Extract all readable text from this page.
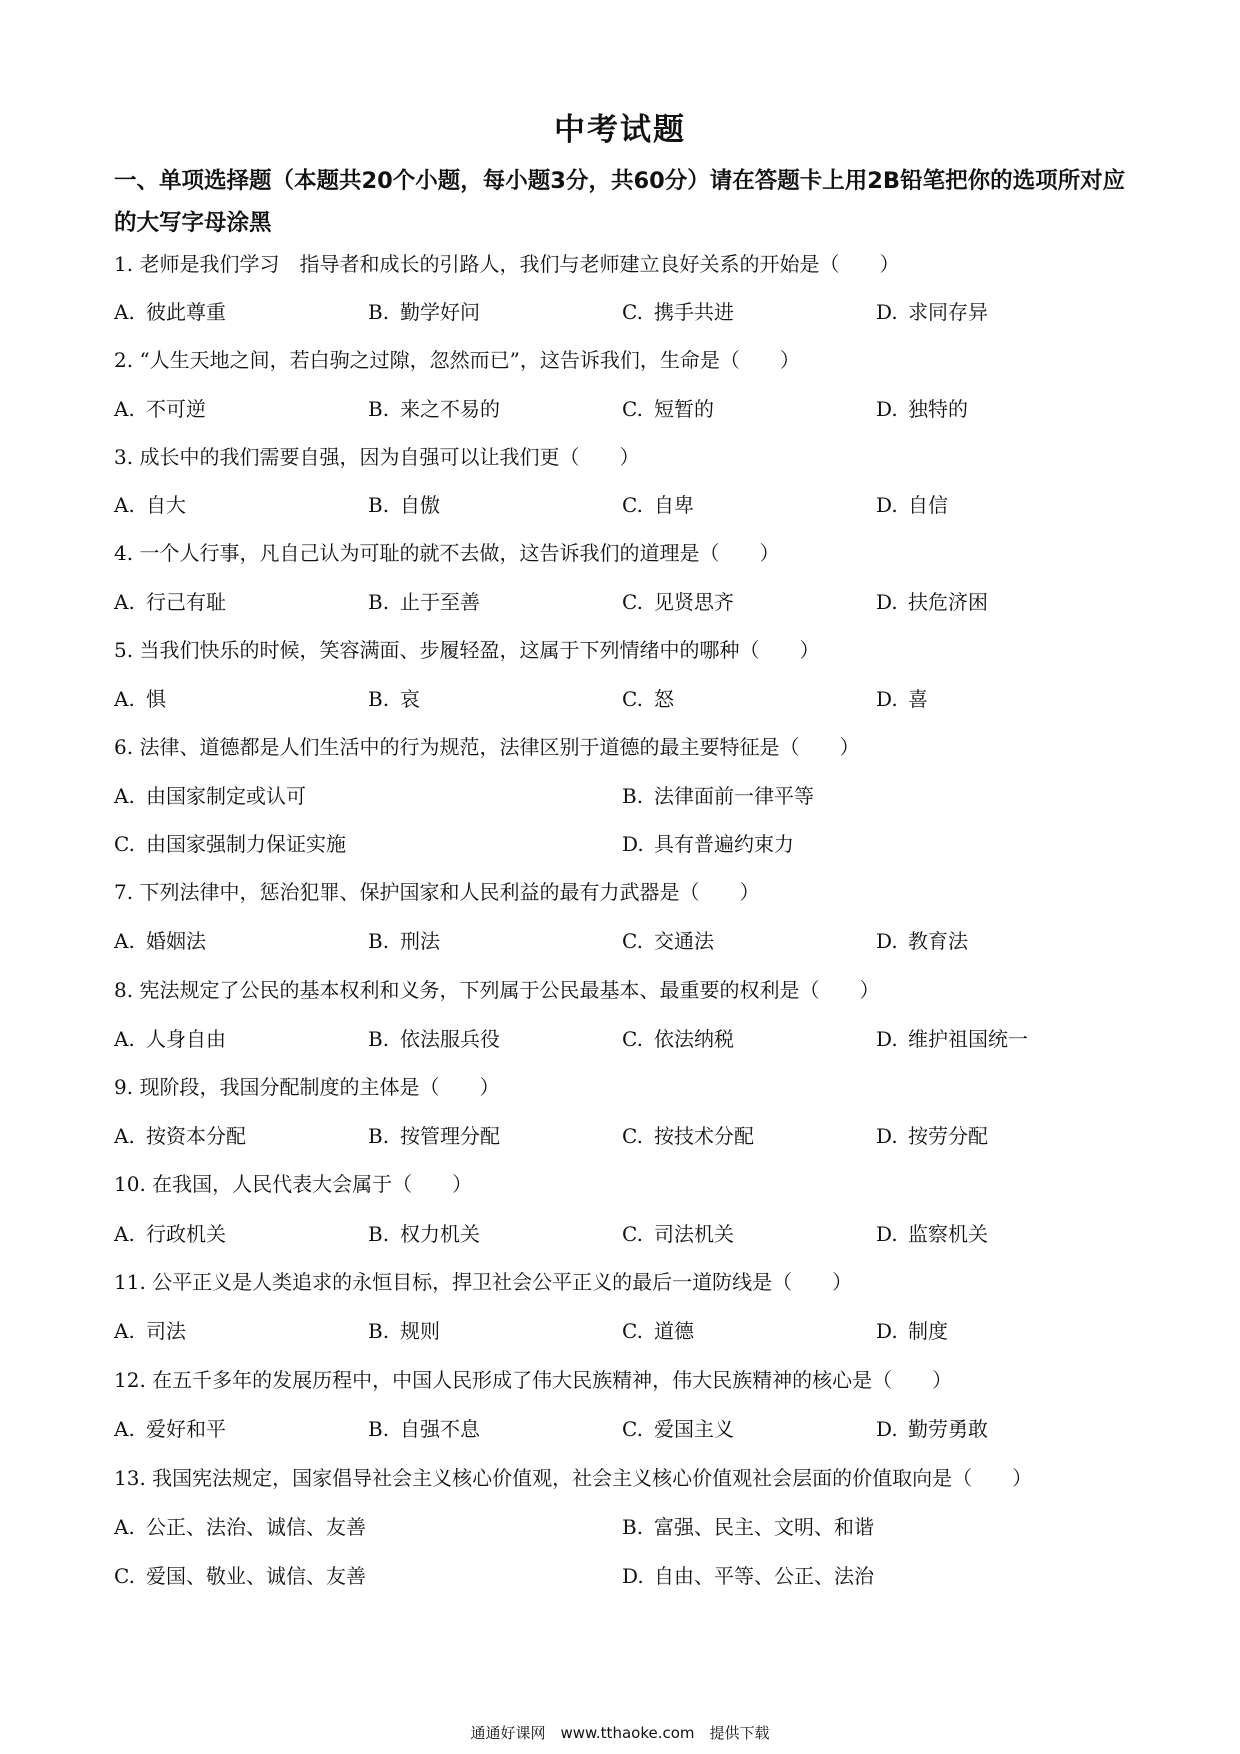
中考试题
一、单项选择题（本题共20个小题，每小题3分，共60分）请在答题卡上用2B铅笔把你的选项所对应的大写字母涂黑
1. 老师是我们学习　指导者和成长的引路人，我们与老师建立良好关系的开始是（　　）
A. 彼此尊重	B. 勤学好问	C. 携手共进	D. 求同存异
2. “人生天地之间，若白驹之过隙，忽然而已”，这告诉我们，生命是（　　）
A. 不可逆	B. 来之不易的	C. 短暂的	D. 独特的
3. 成长中的我们需要自强，因为自强可以让我们更（　　）
A. 自大	B. 自傲	C. 自卑	D. 自信
4. 一个人行事，凡自己认为可耻的就不去做，这告诉我们的道理是（　　）
A. 行己有耻	B. 止于至善	C. 见贤思齐	D. 扶危济困
5. 当我们快乐的时候，笑容满面、步履轻盈，这属于下列情绪中的哪种（　　）
A. 惧	B. 哀	C. 怒	D. 喜
6. 法律、道德都是人们生活中的行为规范，法律区别于道德的最主要特征是（　　）
A. 由国家制定或认可	B. 法律面前一律平等
C. 由国家强制力保证实施	D. 具有普遍约束力
7. 下列法律中，惩治犯罪、保护国家和人民利益的最有力武器是（　　）
A. 婚姻法	B. 刑法	C. 交通法	D. 教育法
8. 宪法规定了公民的基本权利和义务，下列属于公民最基本、最重要的权利是（　　）
A. 人身自由	B. 依法服兵役	C. 依法纳税	D. 维护祖国统一
9. 现阶段，我国分配制度的主体是（　　）
A. 按资本分配	B. 按管理分配	C. 按技术分配	D. 按劳分配
10. 在我国，人民代表大会属于（　　）
A. 行政机关	B. 权力机关	C. 司法机关	D. 监察机关
11. 公平正义是人类追求的永恒目标，捍卫社会公平正义的最后一道防线是（　　）
A. 司法	B. 规则	C. 道德	D. 制度
12. 在五千多年的发展历程中，中国人民形成了伟大民族精神，伟大民族精神的核心是（　　）
A. 爱好和平	B. 自强不息	C. 爱国主义	D. 勤劳勇敢
13. 我国宪法规定，国家倡导社会主义核心价值观，社会主义核心价值观社会层面的价值取向是（　　）
A. 公正、法治、诚信、友善	B. 富强、民主、文明、和谐
C. 爱国、敬业、诚信、友善	D. 自由、平等、公正、法治
通通好课网　www.tthaoke.com　提供下载
